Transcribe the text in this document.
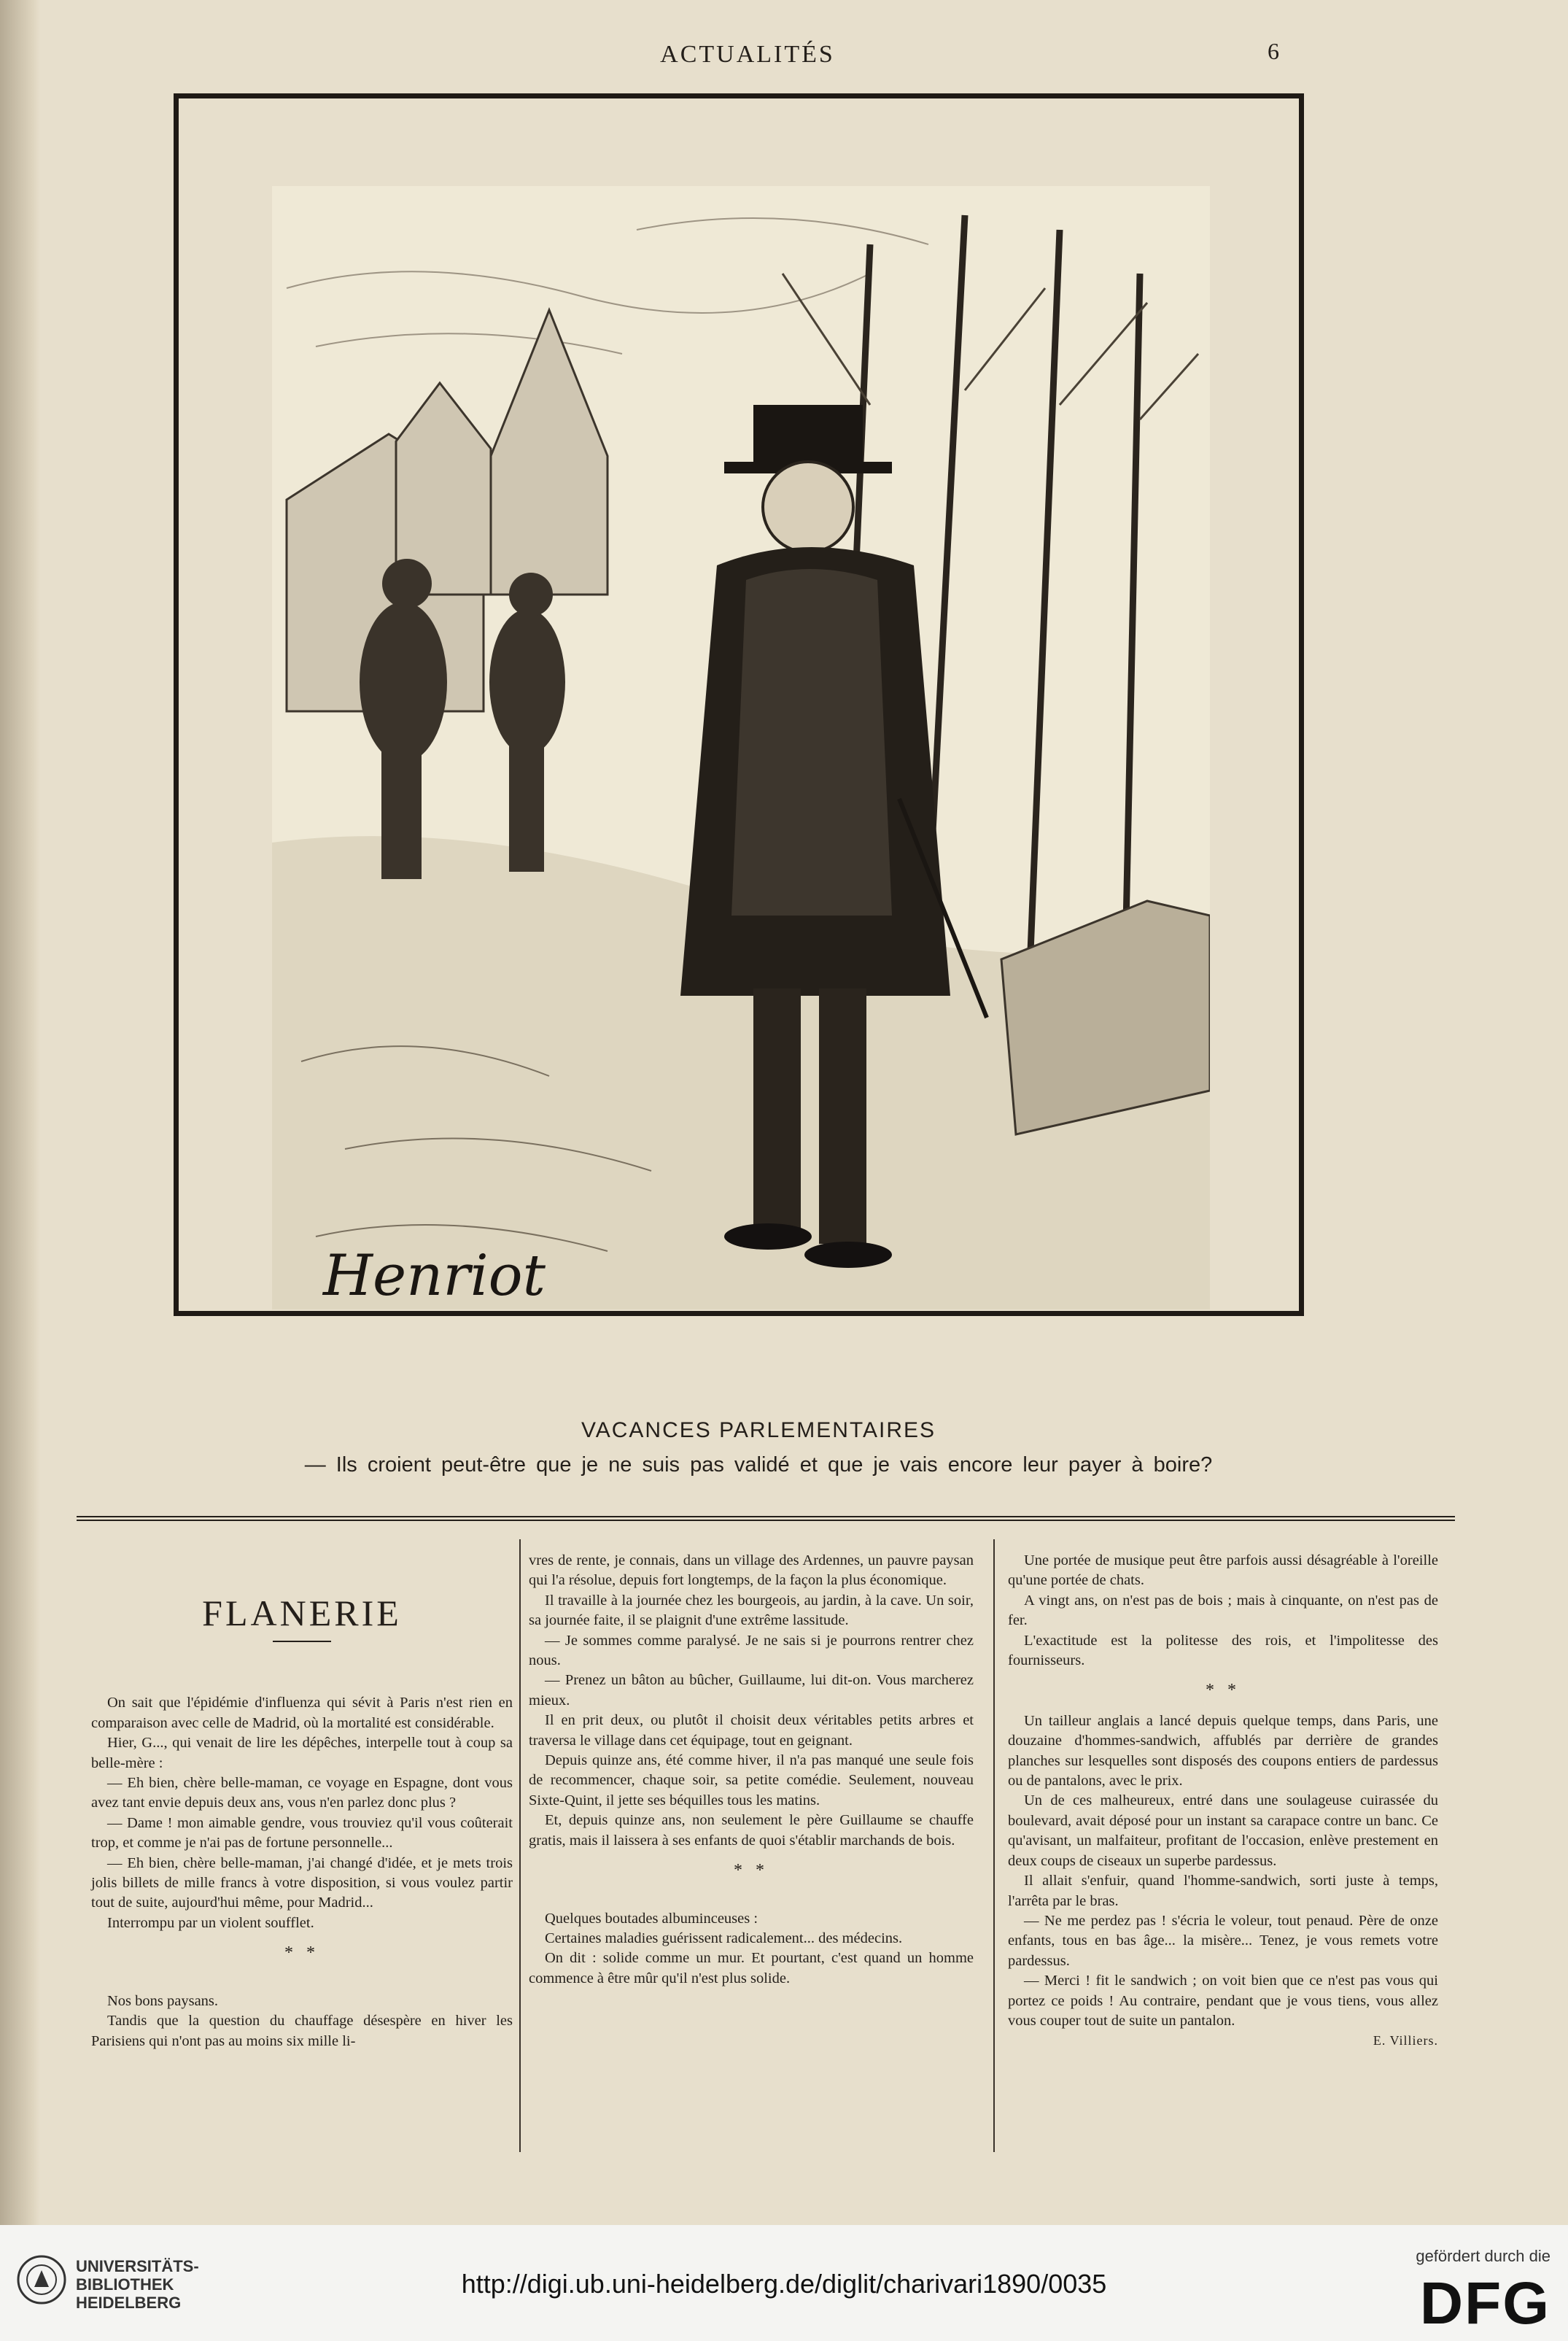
ACTUALITÉS	6
Henriot
VACANCES PARLEMENTAIRES
— Ils croient peut-être que je ne suis pas validé et que je vais encore leur payer à boire?
FLANERIE

On sait que l'épidémie d'influenza qui sévit à Paris n'est rien en comparaison avec celle de Madrid, où la mortalité est considérable.

Hier, G..., qui venait de lire les dépêches, interpelle tout à coup sa belle-mère :

— Eh bien, chère belle-maman, ce voyage en Espagne, dont vous avez tant envie depuis deux ans, vous n'en parlez donc plus ?

— Dame ! mon aimable gendre, vous trouviez qu'il vous coûterait trop, et comme je n'ai pas de fortune personnelle...

— Eh bien, chère belle-maman, j'ai changé d'idée, et je mets trois jolis billets de mille francs à votre disposition, si vous voulez partir tout de suite, aujourd'hui même, pour Madrid...

Interrompu par un violent soufflet.

* *

Nos bons paysans.

Tandis que la question du chauffage désespère en hiver les Parisiens qui n'ont pas au moins six mille li-

vres de rente, je connais, dans un village des Ardennes, un pauvre paysan qui l'a résolue, depuis fort longtemps, de la façon la plus économique.

Il travaille à la journée chez les bourgeois, au jardin, à la cave. Un soir, sa journée faite, il se plaignit d'une extrême lassitude.

— Je sommes comme paralysé. Je ne sais si je pourrons rentrer chez nous.

— Prenez un bâton au bûcher, Guillaume, lui dit-on. Vous marcherez mieux.

Il en prit deux, ou plutôt il choisit deux véritables petits arbres et traversa le village dans cet équipage, tout en geignant.

Depuis quinze ans, été comme hiver, il n'a pas manqué une seule fois de recommencer, chaque soir, sa petite comédie. Seulement, nouveau Sixte-Quint, il jette ses béquilles tous les matins.

Et, depuis quinze ans, non seulement le père Guillaume se chauffe gratis, mais il laissera à ses enfants de quoi s'établir marchands de bois.

* *

Quelques boutades albuminceuses :

Certaines maladies guérissent radicalement... des médecins.

On dit : solide comme un mur. Et pourtant, c'est quand un homme commence à être mûr qu'il n'est plus solide.

Une portée de musique peut être parfois aussi désagréable à l'oreille qu'une portée de chats.

A vingt ans, on n'est pas de bois ; mais à cinquante, on n'est pas de fer.

L'exactitude est la politesse des rois, et l'impolitesse des fournisseurs.

* *

Un tailleur anglais a lancé depuis quelque temps, dans Paris, une douzaine d'hommes-sandwich, affublés par derrière de grandes planches sur lesquelles sont disposés des coupons entiers de pardessus ou de pantalons, avec le prix.

Un de ces malheureux, entré dans une soulageuse cuirassée du boulevard, avait déposé pour un instant sa carapace contre un banc. Ce qu'avisant, un malfaiteur, profitant de l'occasion, enlève prestement en deux coups de ciseaux un superbe pardessus.

Il allait s'enfuir, quand l'homme-sandwich, sorti juste à temps, l'arrêta par le bras.

— Ne me perdez pas ! s'écria le voleur, tout penaud. Père de onze enfants, tous en bas âge... la misère... Tenez, je vous remets votre pardessus.

— Merci ! fit le sandwich ; on voit bien que ce n'est pas vous qui portez ce poids ! Au contraire, pendant que je vous tiens, vous allez vous couper tout de suite un pantalon.

E. Villiers.

UNIVERSITÄTS-
BIBLIOTHEK
HEIDELBERG
http://digi.ub.uni-heidelberg.de/diglit/charivari1890/0035
gefördert durch die
DFG
